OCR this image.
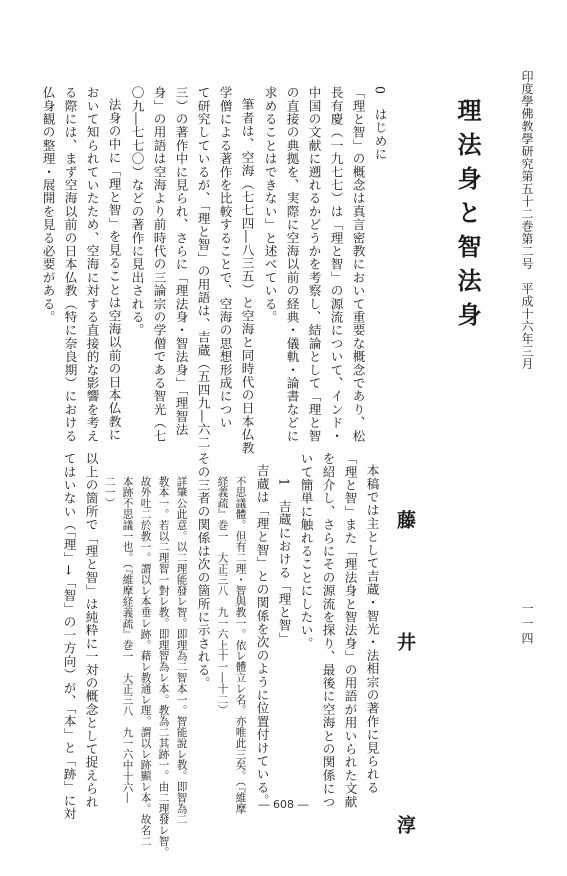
印度學佛教學研究第五十二巻第二号　平成十六年三月
理法身と智法身
藤　井　　淳	一一四
0　はじめに
「理と智」の概念は真言密教において重要な概念であり、松
長有慶（一九七七）は「理と智」の源流について、インド・
中国の文献に遡れるかどうかを考察し、結論として「理と智
の直接の典拠を、実際に空海以前の経典・儀軌・論書などに
求めることはできない」と述べている。
筆者は、空海（七七四―八三五）と空海と同時代の日本仏教
学僧による著作を比較することで、空海の思想形成につい
て研究しているが、「理と智」の用語は、吉蔵（五四九―六二
三）の著作中に見られ、さらに「理法身・智法身」「理智法
身」の用語は空海より前時代の三論宗の学僧である智光（七
〇九―七七〇）などの著作に見出される。
法身の中に「理と智」を見ることは空海以前の日本仏教に
おいて知られていたため、空海に対する直接的な影響を考え
る際には、まず空海以前の日本仏教（特に奈良期）における
仏身観の整理・展開を見る必要がある。
本稿では主として吉蔵・智光・法相宗の著作に見られる
「理と智」また「理法身と智法身」の用語が用いられた文献
を紹介し、さらにその源流を探り、最後に空海との関係につ
いて簡単に触れることにしたい。
1　吉蔵における「理と智」
吉蔵は「理と智」との関係を次のように位置付けている。
不思議體。但有二理・智與教一。依レ體立レ名。亦唯此三矣。（『維摩
経義疏』巻一　大正三八　九一六上十一―十二）
その三者の関係は次の箇所に示される。
詳肇公此意。以二理能發レ智。即理為二智本一。智能說レ教。即智為二
教本一。若以二理智一對レ教。即理智為レ本。教為二其跡一。由二理發レ智。
故外吐二於教一。謂以レ本垂レ跡。藉レ教通レ理。謂以レ跡顯レ本。故名二
本跡不思議一也。（『維摩経義疏』巻一　大正三八　九一六中十六―
二一）
以上の箇所で「理と智」は純粋に一対の概念として捉えられ
てはいない（「理」→「智」の一方向）が、「本」と「跡」に対	― 608 ―
